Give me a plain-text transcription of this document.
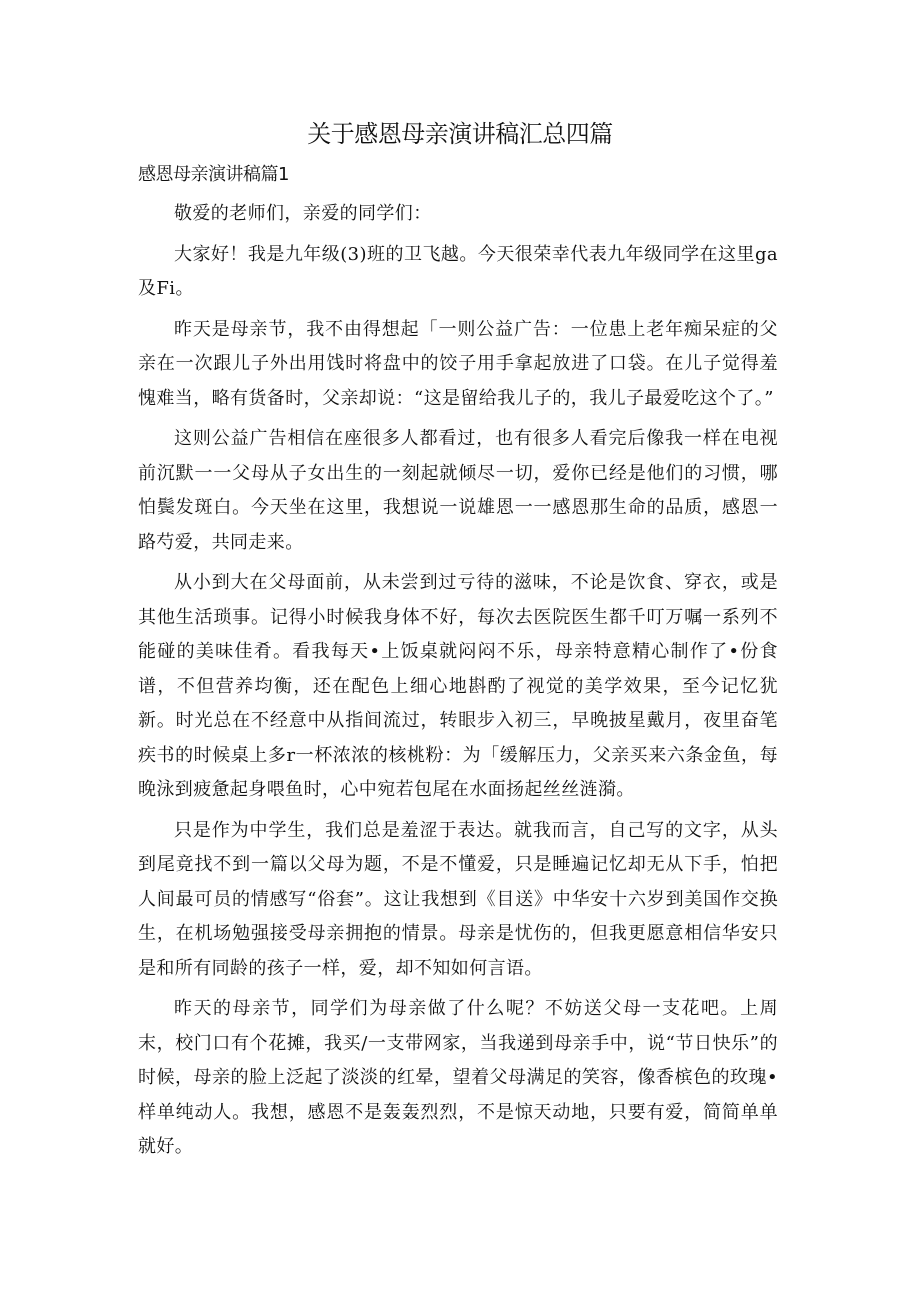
关于感恩母亲演讲稿汇总四篇

感恩母亲演讲稿篇1

敬爱的老师们，亲爱的同学们：

大家好！我是九年级(3)班的卫飞越。今天很荣幸代表九年级同学在这里ga及Fi。

昨天是母亲节，我不由得想起「一则公益广告：一位患上老年痴呆症的父亲在一次跟儿子外出用饯时将盘中的饺子用手拿起放进了口袋。在儿子觉得羞愧难当，略有货备时，父亲却说：“这是留给我儿子的，我儿子最爱吃这个了。”

这则公益广告相信在座很多人都看过，也有很多人看完后像我一样在电视前沉默一一父母从子女出生的一刻起就倾尽一切，爱你已经是他们的习惯，哪怕鬓发斑白。今天坐在这里，我想说一说雄恩一一感恩那生命的品质，感恩一路芍爱，共同走来。

从小到大在父母面前，从未尝到过亏待的滋味，不论是饮食、穿衣，或是其他生活琐事。记得小时候我身体不好，每次去医院医生都千叮万嘱一系列不能碰的美味佳肴。看我每天•上饭桌就闷闷不乐，母亲特意精心制作了•份食谱，不但营养均衡，还在配色上细心地斟酌了视觉的美学效果，至今记忆犹新。时光总在不经意中从指间流过，转眼步入初三，早晚披星戴月，夜里奋笔疾书的时候桌上多r一杯浓浓的核桃粉：为「缓解压力，父亲买来六条金鱼，每晚泳到疲惫起身喂鱼时，心中宛若包尾在水面扬起丝丝涟漪。

只是作为中学生，我们总是羞涩于表达。就我而言，自己写的文字，从头到尾竟找不到一篇以父母为题，不是不懂爱，只是睡遍记忆却无从下手，怕把人间最可员的情感写“俗套”。这让我想到《目送》中华安十六岁到美国作交换生，在机场勉强接受母亲拥抱的情景。母亲是忧伤的，但我更愿意相信华安只是和所有同龄的孩子一样，爱，却不知如何言语。

昨天的母亲节，同学们为母亲做了什么呢？不妨送父母一支花吧。上周末，校门口有个花摊，我买/一支带网家，当我递到母亲手中，说“节日快乐”的时候，母亲的脸上泛起了淡淡的红晕，望着父母满足的笑容，像香槟色的玫瑰•样单纯动人。我想，感恩不是轰轰烈烈，不是惊天动地，只要有爱，简简单单就好。
